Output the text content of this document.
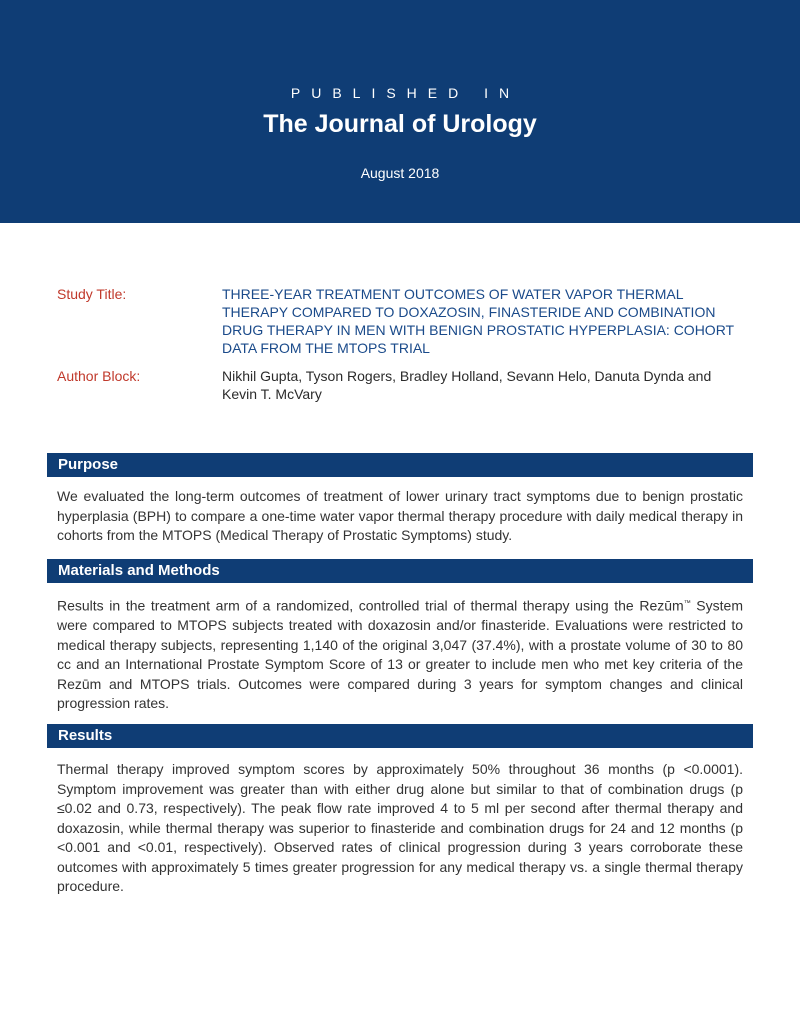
PUBLISHED IN
The Journal of Urology
August 2018
Study Title:	THREE-YEAR TREATMENT OUTCOMES OF WATER VAPOR THERMAL THERAPY COMPARED TO DOXAZOSIN, FINASTERIDE AND COMBINATION DRUG THERAPY IN MEN WITH BENIGN PROSTATIC HYPERPLASIA: COHORT DATA FROM THE MTOPS TRIAL
Author Block:	Nikhil Gupta, Tyson Rogers, Bradley Holland, Sevann Helo, Danuta Dynda and Kevin T. McVary
Purpose
We evaluated the long-term outcomes of treatment of lower urinary tract symptoms due to benign prostatic hyperplasia (BPH) to compare a one-time water vapor thermal therapy procedure with daily medical therapy in cohorts from the MTOPS (Medical Therapy of Prostatic Symptoms) study.
Materials and Methods
Results in the treatment arm of a randomized, controlled trial of thermal therapy using the Rezūm™ System were compared to MTOPS subjects treated with doxazosin and/or finasteride. Evaluations were restricted to medical therapy subjects, representing 1,140 of the original 3,047 (37.4%), with a prostate volume of 30 to 80 cc and an International Prostate Symptom Score of 13 or greater to include men who met key criteria of the Rezūm and MTOPS trials. Outcomes were compared during 3 years for symptom changes and clinical progression rates.
Results
Thermal therapy improved symptom scores by approximately 50% throughout 36 months (p <0.0001). Symptom improvement was greater than with either drug alone but similar to that of combination drugs (p ≤0.02 and 0.73, respectively). The peak flow rate improved 4 to 5 ml per second after thermal therapy and doxazosin, while thermal therapy was superior to finasteride and combination drugs for 24 and 12 months (p <0.001 and <0.01, respectively). Observed rates of clinical progression during 3 years corroborate these outcomes with approximately 5 times greater progression for any medical therapy vs. a single thermal therapy procedure.
